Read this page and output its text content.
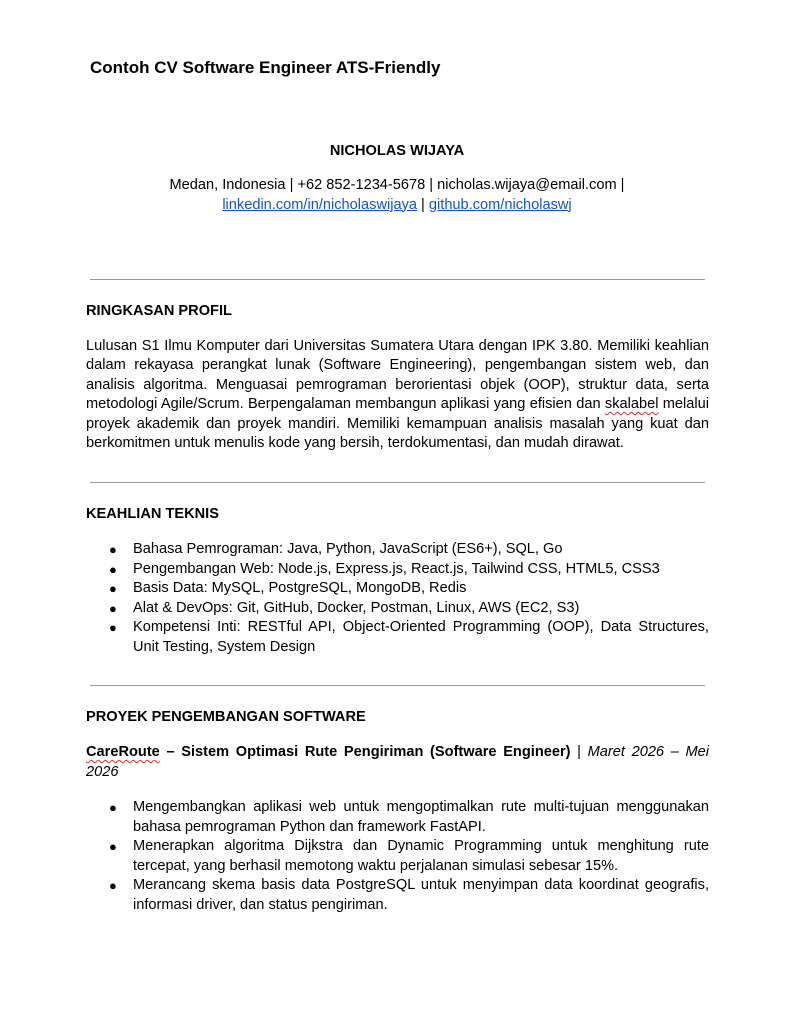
Contoh CV Software Engineer ATS-Friendly
NICHOLAS WIJAYA
Medan, Indonesia | +62 852-1234-5678 | nicholas.wijaya@email.com |
linkedin.com/in/nicholaswijaya | github.com/nicholaswj
RINGKASAN PROFIL
Lulusan S1 Ilmu Komputer dari Universitas Sumatera Utara dengan IPK 3.80. Memiliki keahlian dalam rekayasa perangkat lunak (Software Engineering), pengembangan sistem web, dan analisis algoritma. Menguasai pemrograman berorientasi objek (OOP), struktur data, serta metodologi Agile/Scrum. Berpengalaman membangun aplikasi yang efisien dan skalabel melalui proyek akademik dan proyek mandiri. Memiliki kemampuan analisis masalah yang kuat dan berkomitmen untuk menulis kode yang bersih, terdokumentasi, dan mudah dirawat.
KEAHLIAN TEKNIS
● Bahasa Pemrograman: Java, Python, JavaScript (ES6+), SQL, Go
● Pengembangan Web: Node.js, Express.js, React.js, Tailwind CSS, HTML5, CSS3
● Basis Data: MySQL, PostgreSQL, MongoDB, Redis
● Alat & DevOps: Git, GitHub, Docker, Postman, Linux, AWS (EC2, S3)
● Kompetensi Inti: RESTful API, Object-Oriented Programming (OOP), Data Structures, Unit Testing, System Design
PROYEK PENGEMBANGAN SOFTWARE
CareRoute – Sistem Optimasi Rute Pengiriman (Software Engineer) | Maret 2026 – Mei 2026
● Mengembangkan aplikasi web untuk mengoptimalkan rute multi-tujuan menggunakan bahasa pemrograman Python dan framework FastAPI.
● Menerapkan algoritma Dijkstra dan Dynamic Programming untuk menghitung rute tercepat, yang berhasil memotong waktu perjalanan simulasi sebesar 15%.
● Merancang skema basis data PostgreSQL untuk menyimpan data koordinat geografis, informasi driver, dan status pengiriman.
